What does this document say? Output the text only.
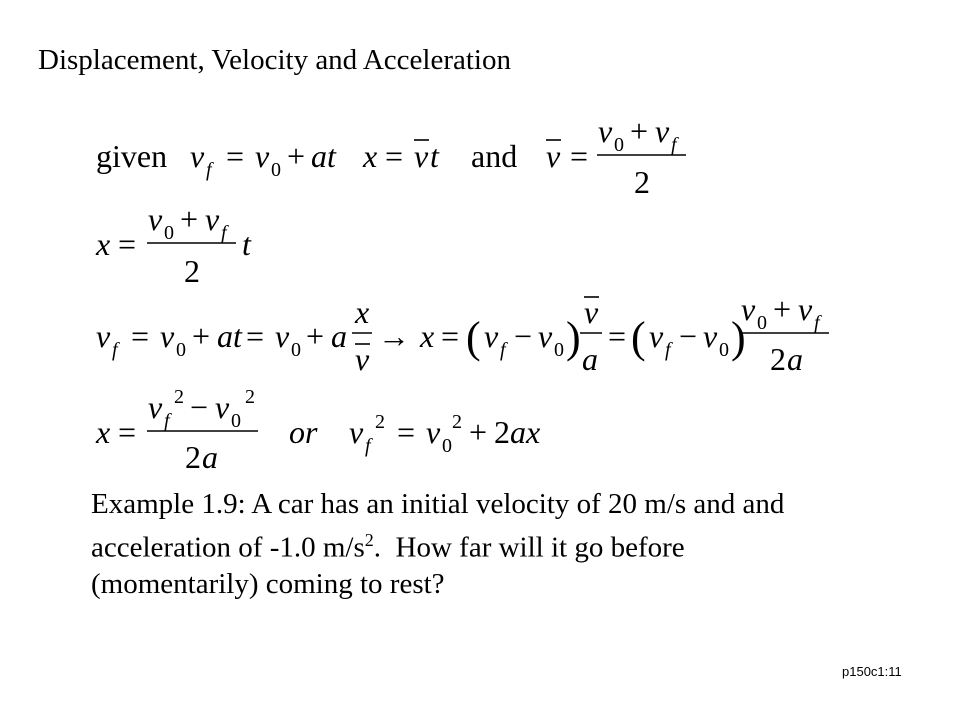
Displacement, Velocity and Acceleration
given v f = v 0 + at x = v t and v =
v 0 + v f
2
x =
v 0 + v f
2
t
v f = v 0 + at = v 0 + a
x
v
→ x = ( v f − v 0 )
v
a
= ( v f − v 0 )
v 0 + v f
2 a
x =
v f
2 − v 0
2
2 a
or v f
2 = v 0
2 + 2 ax
Example 1.9: A car has an initial velocity of 20 m/s and and
acceleration of -1.0 $m/s^2$.  How far will it go before
(momentarily) coming to rest?
p150c1:11
